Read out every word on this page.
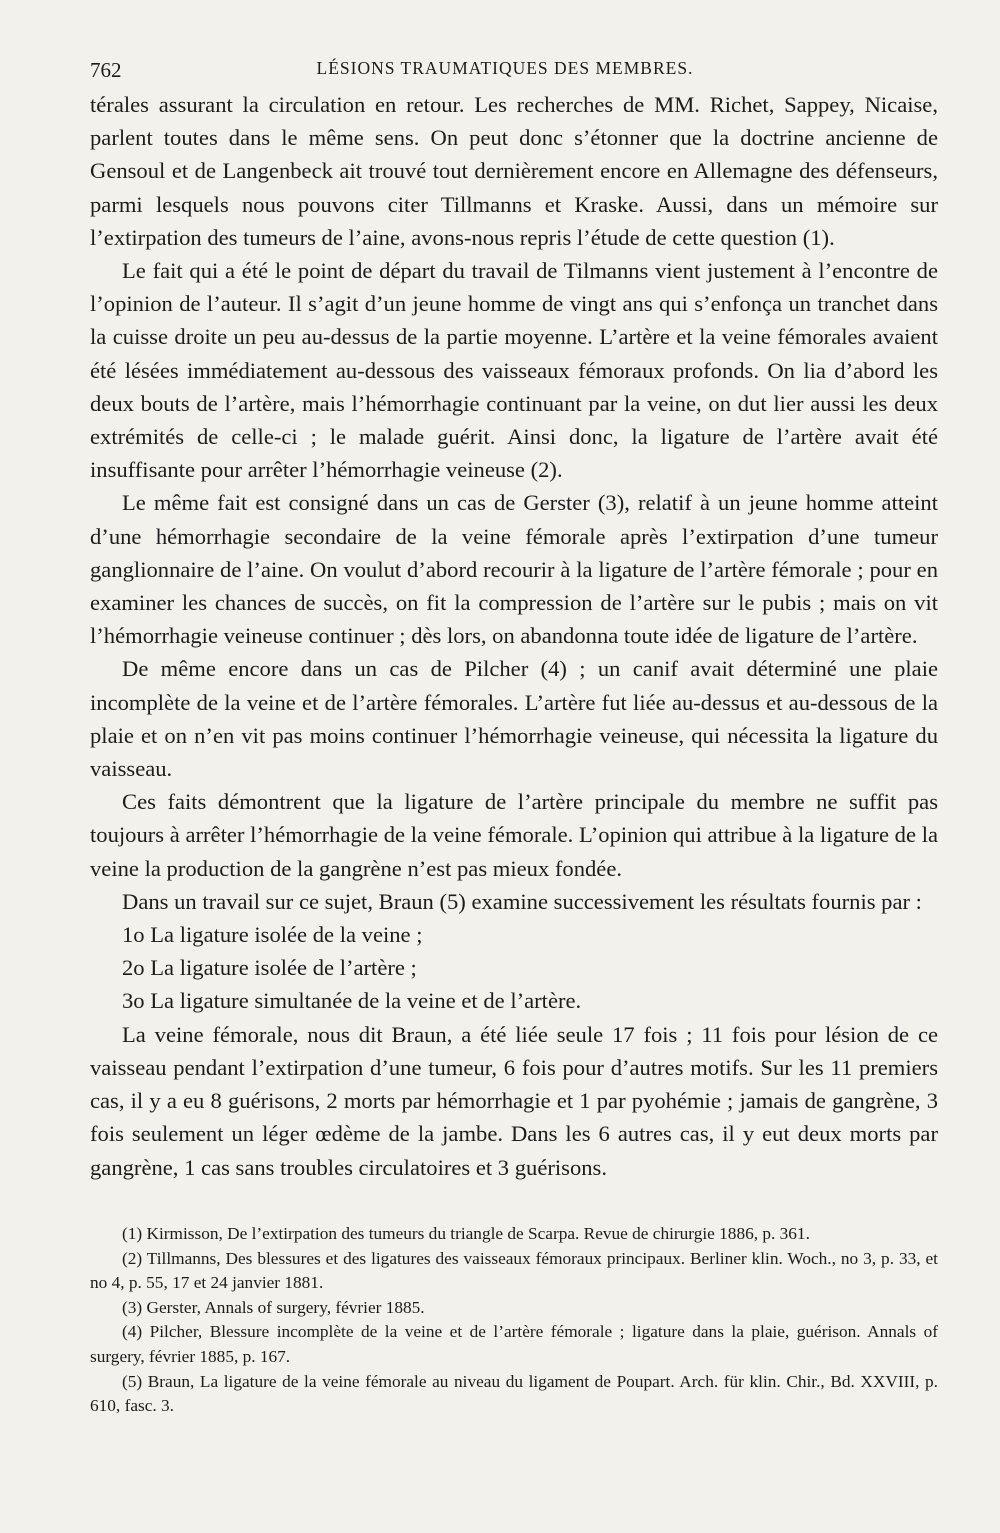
762	LÉSIONS TRAUMATIQUES DES MEMBRES.

térales assurant la circulation en retour. Les recherches de MM. Richet, Sappey, Nicaise, parlent toutes dans le même sens. On peut donc s’étonner que la doctrine ancienne de Gensoul et de Langenbeck ait trouvé tout dernièrement encore en Allemagne des défenseurs, parmi lesquels nous pouvons citer Tillmanns et Kraske. Aussi, dans un mémoire sur l’extirpation des tumeurs de l’aine, avons-nous repris l’étude de cette question (1).

Le fait qui a été le point de départ du travail de Tilmanns vient justement à l’encontre de l’opinion de l’auteur. Il s’agit d’un jeune homme de vingt ans qui s’enfonça un tranchet dans la cuisse droite un peu au-dessus de la partie moyenne. L’artère et la veine fémorales avaient été lésées immédiatement au-dessous des vaisseaux fémoraux profonds. On lia d’abord les deux bouts de l’artère, mais l’hémorrhagie continuant par la veine, on dut lier aussi les deux extrémités de celle-ci ; le malade guérit. Ainsi donc, la ligature de l’artère avait été insuffisante pour arrêter l’hémorrhagie veineuse (2).

Le même fait est consigné dans un cas de Gerster (3), relatif à un jeune homme atteint d’une hémorrhagie secondaire de la veine fémorale après l’extirpation d’une tumeur ganglionnaire de l’aine. On voulut d’abord recourir à la ligature de l’artère fémorale ; pour en examiner les chances de succès, on fit la compression de l’artère sur le pubis ; mais on vit l’hémorrhagie veineuse continuer ; dès lors, on abandonna toute idée de ligature de l’artère.

De même encore dans un cas de Pilcher (4) ; un canif avait déterminé une plaie incomplète de la veine et de l’artère fémorales. L’artère fut liée au-dessus et au-dessous de la plaie et on n’en vit pas moins continuer l’hémorrhagie veineuse, qui nécessita la ligature du vaisseau.

Ces faits démontrent que la ligature de l’artère principale du membre ne suffit pas toujours à arrêter l’hémorrhagie de la veine fémorale. L’opinion qui attribue à la ligature de la veine la production de la gangrène n’est pas mieux fondée.

Dans un travail sur ce sujet, Braun (5) examine successivement les résultats fournis par :

1o La ligature isolée de la veine ;

2o La ligature isolée de l’artère ;

3o La ligature simultanée de la veine et de l’artère.

La veine fémorale, nous dit Braun, a été liée seule 17 fois ; 11 fois pour lésion de ce vaisseau pendant l’extirpation d’une tumeur, 6 fois pour d’autres motifs. Sur les 11 premiers cas, il y a eu 8 guérisons, 2 morts par hémorrhagie et 1 par pyohémie ; jamais de gangrène, 3 fois seulement un léger œdème de la jambe. Dans les 6 autres cas, il y eut deux morts par gangrène, 1 cas sans troubles circulatoires et 3 guérisons.

(1) Kirmisson, De l’extirpation des tumeurs du triangle de Scarpa. Revue de chirurgie 1886, p. 361.

(2) Tillmanns, Des blessures et des ligatures des vaisseaux fémoraux principaux. Berliner klin. Woch., no 3, p. 33, et no 4, p. 55, 17 et 24 janvier 1881.

(3) Gerster, Annals of surgery, février 1885.

(4) Pilcher, Blessure incomplète de la veine et de l’artère fémorale ; ligature dans la plaie, guérison. Annals of surgery, février 1885, p. 167.

(5) Braun, La ligature de la veine fémorale au niveau du ligament de Poupart. Arch. für klin. Chir., Bd. XXVIII, p. 610, fasc. 3.
